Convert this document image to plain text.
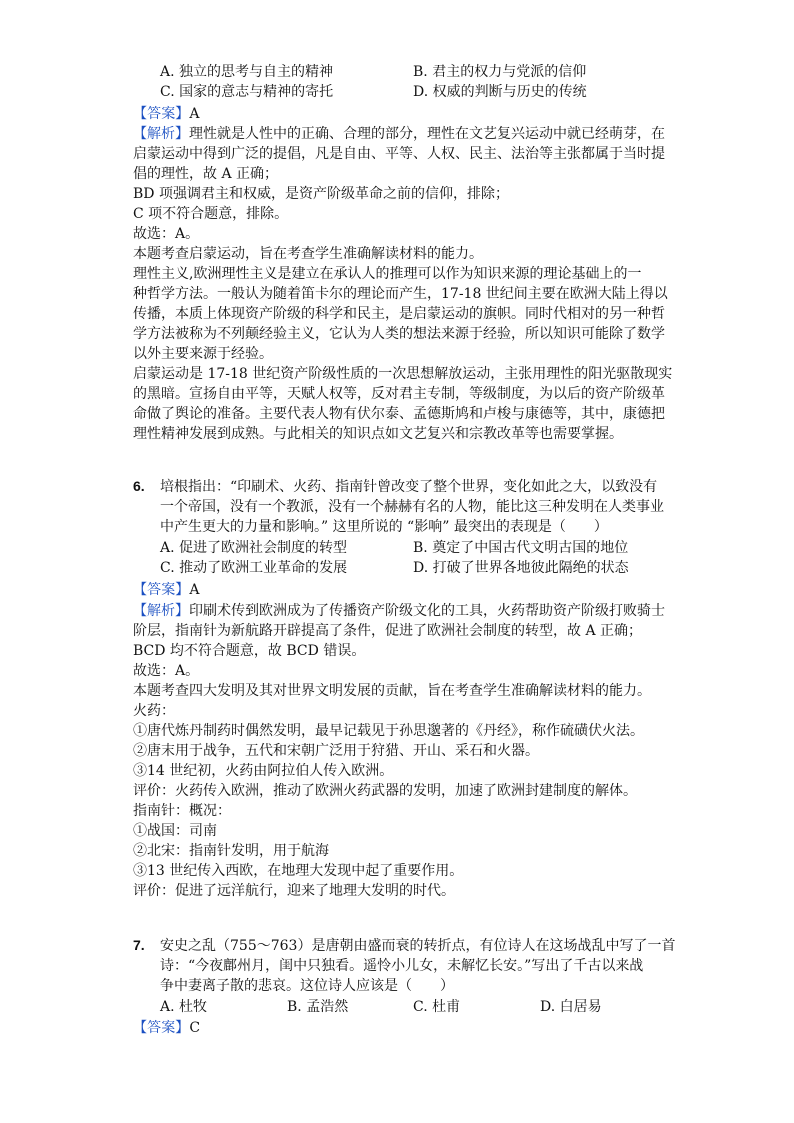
A. 独立的思考与自主的精神	B. 君主的权力与党派的信仰
C. 国家的意志与精神的寄托	D. 权威的判断与历史的传统
【答案】A
【解析】理性就是人性中的正确、合理的部分，理性在文艺复兴运动中就已经萌芽，在
启蒙运动中得到广泛的提倡，凡是自由、平等、人权、民主、法治等主张都属于当时提
倡的理性，故 A 正确；
BD 项强调君主和权威，是资产阶级革命之前的信仰，排除；
C 项不符合题意，排除。
故选：A。
本题考查启蒙运动，旨在考查学生准确解读材料的能力。
理性主义,欧洲理性主义是建立在承认人的推理可以作为知识来源的理论基础上的一
种哲学方法。一般认为随着笛卡尔的理论而产生，17-18 世纪间主要在欧洲大陆上得以
传播，本质上体现资产阶级的科学和民主，是启蒙运动的旗帜。同时代相对的另一种哲
学方法被称为不列颠经验主义，它认为人类的想法来源于经验，所以知识可能除了数学
以外主要来源于经验。
启蒙运动是 17-18 世纪资产阶级性质的一次思想解放运动，主张用理性的阳光驱散现实
的黑暗。宣扬自由平等，天赋人权等，反对君主专制，等级制度，为以后的资产阶级革
命做了舆论的准备。主要代表人物有伏尔泰、孟德斯鸠和卢梭与康德等，其中，康德把
理性精神发展到成熟。与此相关的知识点如文艺复兴和宗教改革等也需要掌握。
6. 培根指出：“印刷术、火药、指南针曾改变了整个世界，变化如此之大，以致没有
一个帝国，没有一个教派，没有一个赫赫有名的人物，能比这三种发明在人类事业
中产生更大的力量和影响。” 这里所说的 “影响” 最突出的表现是（　　）
A. 促进了欧洲社会制度的转型	B. 奠定了中国古代文明古国的地位
C. 推动了欧洲工业革命的发展	D. 打破了世界各地彼此隔绝的状态
【答案】A
【解析】印刷术传到欧洲成为了传播资产阶级文化的工具，火药帮助资产阶级打败骑士
阶层，指南针为新航路开辟提高了条件，促进了欧洲社会制度的转型，故 A 正确；
BCD 均不符合题意，故 BCD 错误。
故选：A。
本题考查四大发明及其对世界文明发展的贡献，旨在考查学生准确解读材料的能力。
火药：
①唐代炼丹制药时偶然发明，最早记载见于孙思邈著的《丹经》，称作硫磺伏火法。
②唐末用于战争，五代和宋朝广泛用于狩猎、开山、采石和火器。
③14 世纪初，火药由阿拉伯人传入欧洲。
评价：火药传入欧洲，推动了欧洲火药武器的发明，加速了欧洲封建制度的解体。
指南针：概况：
①战国：司南
②北宋：指南针发明，用于航海
③13 世纪传入西欧，在地理大发现中起了重要作用。
评价：促进了远洋航行，迎来了地理大发明的时代。
7. 安史之乱（755～763）是唐朝由盛而衰的转折点，有位诗人在这场战乱中写了一首
诗：“今夜鄜州月，闺中只独看。遥怜小儿女，未解忆长安。”写出了千古以来战
争中妻离子散的悲哀。这位诗人应该是（　　）
A. 杜牧	B. 孟浩然	C. 杜甫	D. 白居易
【答案】C
